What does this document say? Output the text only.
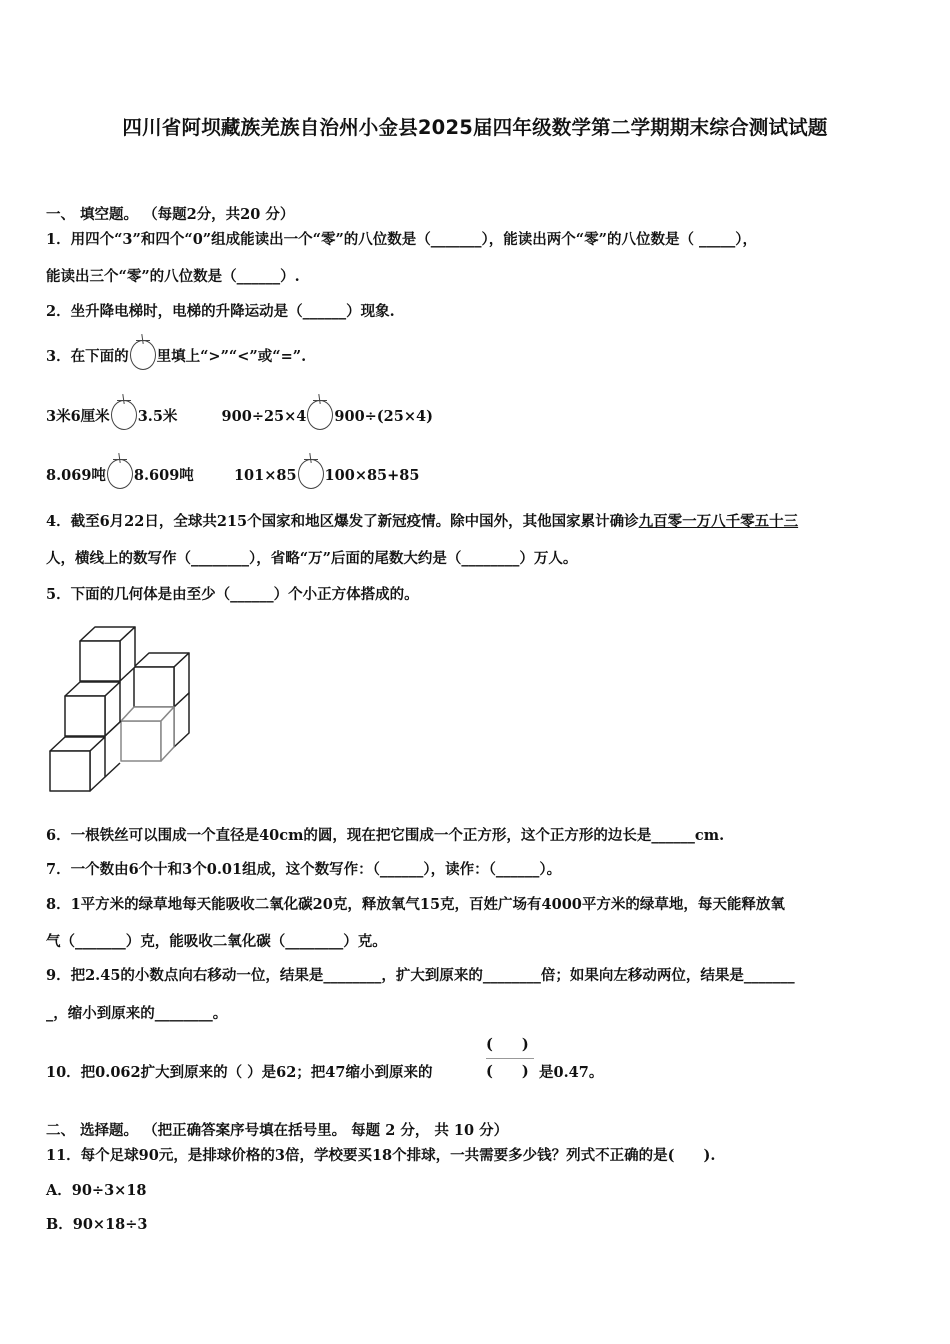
四川省阿坝藏族羌族自治州小金县2025届四年级数学第二学期期末综合测试试题
一、 填空题。 （每题2分，共20 分）
1．用四个“3”和四个“0”组成能读出一个“零”的八位数是（_______），能读出两个“零”的八位数是（ _____），
能读出三个“零”的八位数是（______）.
2．坐升降电梯时，电梯的升降运动是（______）现象.
3．在下面的 里填上“>”“<”或“=”.
3米6厘米 3.5米	900÷25×4 900÷(25×4)
8.069吨 8.609吨	101×85 100×85+85
4．截至6月22日，全球共215个国家和地区爆发了新冠疫情。除中国外，其他国家累计确诊九百零一万八千零五十三
人，横线上的数写作（________），省略“万”后面的尾数大约是（________）万人。
5．下面的几何体是由至少（______）个小正方体搭成的。
6．一根铁丝可以围成一个直径是40cm的圆，现在把它围成一个正方形，这个正方形的边长是______cm.
7．一个数由6个十和3个0.01组成，这个数写作：（______），读作：（______）。
8．1平方米的绿草地每天能吸收二氧化碳20克，释放氧气15克，百姓广场有4000平方米的绿草地，每天能释放氧
气（_______）克，能吸收二氧化碳（________）克。
9．把2.45的小数点向右移动一位，结果是________，扩大到原来的________倍；如果向左移动两位，结果是_______
_，缩小到原来的________。
10．把0.062扩大到原来的（ ）是62；把47缩小到原来的
(　　)
(　　) 是0.47。
二、 选择题。 （把正确答案序号填在括号里。 每题 2 分， 共 10 分）
11．每个足球90元，是排球价格的3倍，学校要买18个排球，一共需要多少钱？列式不正确的是(　　).
A．90÷3×18
B．90×18÷3
